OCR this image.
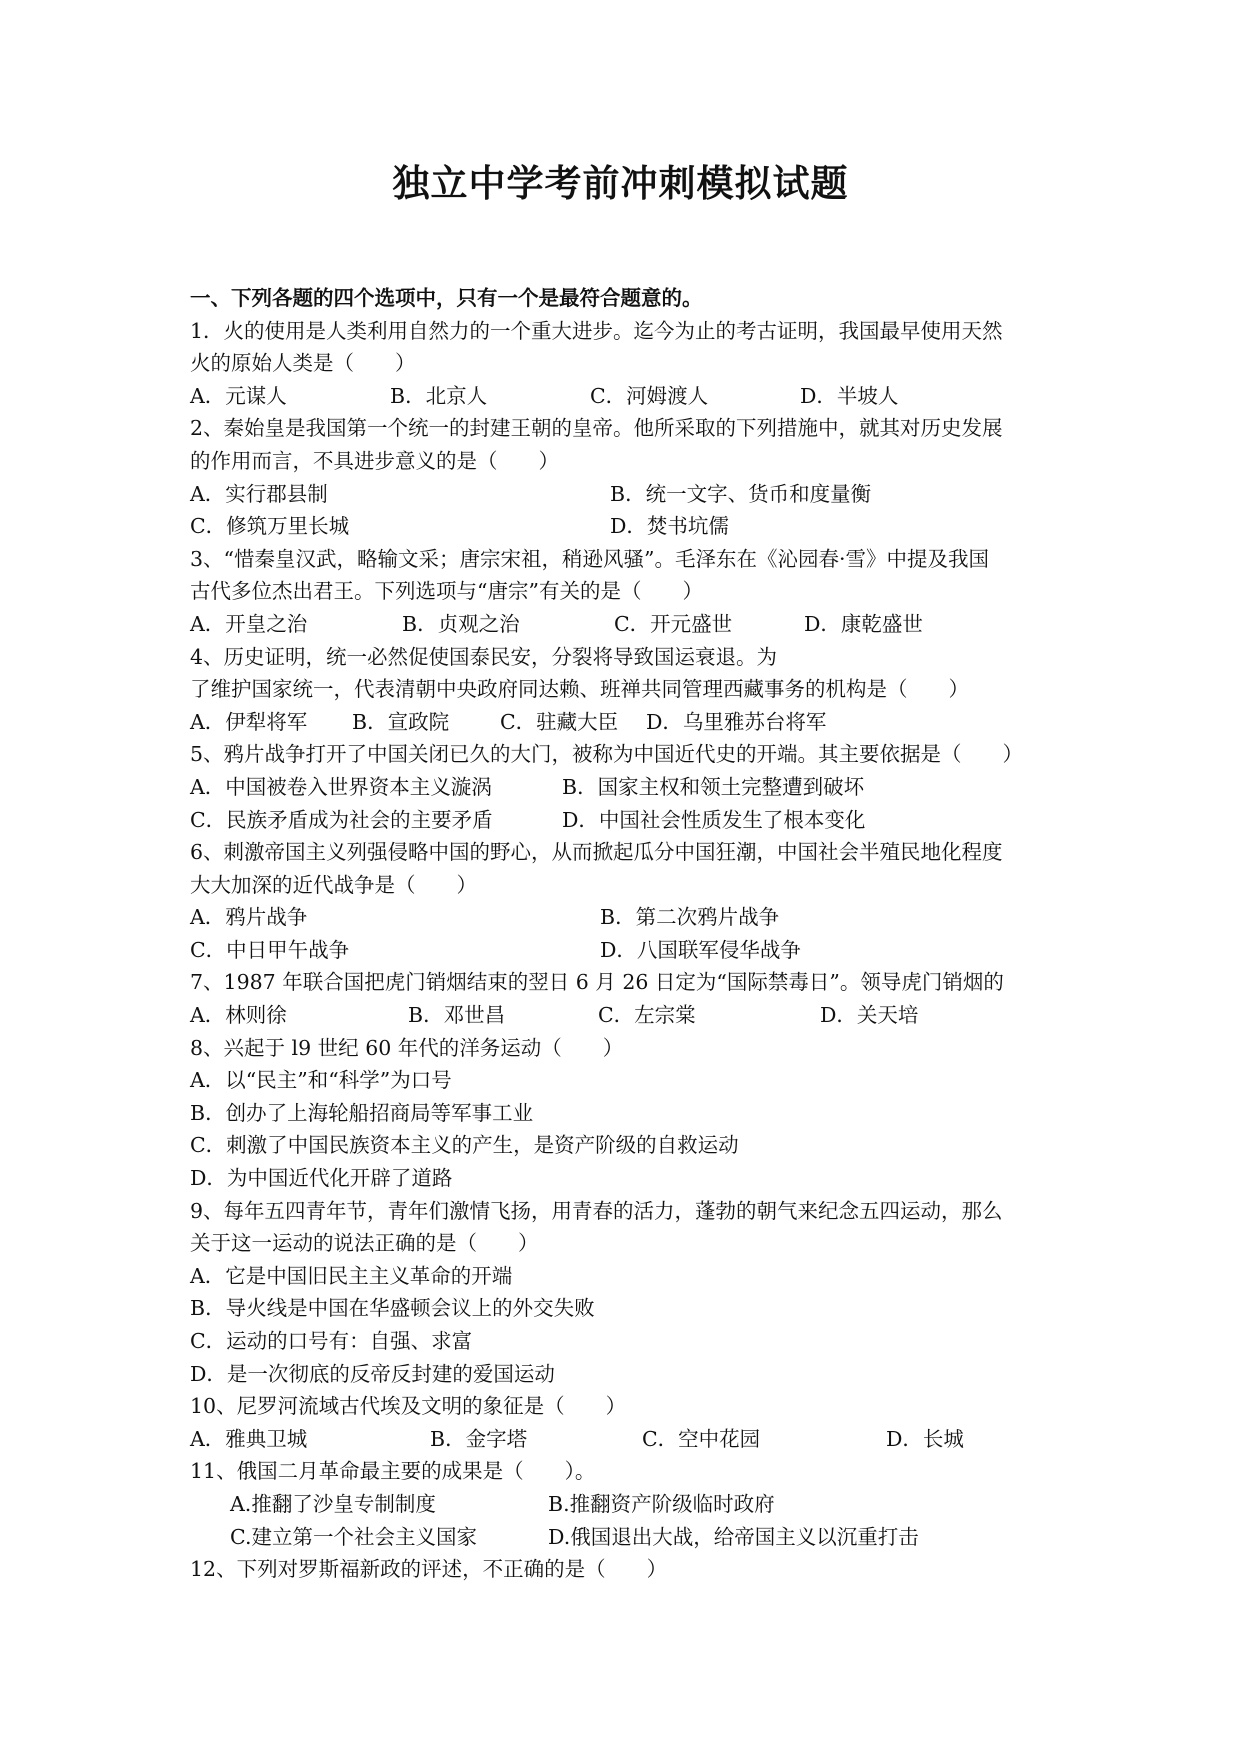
独立中学考前冲刺模拟试题
一、下列各题的四个选项中，只有一个是最符合题意的。
1．火的使用是人类利用自然力的一个重大进步。迄今为止的考古证明，我国最早使用天然
火的原始人类是（　　）
A．元谋人	B．北京人	C．河姆渡人	D．半坡人
2、秦始皇是我国第一个统一的封建王朝的皇帝。他所采取的下列措施中，就其对历史发展
的作用而言，不具进步意义的是（　　）
A．实行郡县制	B．统一文字、货币和度量衡
C．修筑万里长城	D．焚书坑儒
3、“惜秦皇汉武，略输文采；唐宗宋祖，稍逊风骚”。毛泽东在《沁园春·雪》中提及我国
古代多位杰出君王。下列选项与“唐宗”有关的是（　　）
A．开皇之治	B．贞观之治	C．开元盛世	D．康乾盛世
4、历史证明，统一必然促使国泰民安，分裂将导致国运衰退。为
了维护国家统一，代表清朝中央政府同达赖、班禅共同管理西藏事务的机构是（　　）
A．伊犁将军	B．宣政院	C．驻藏大臣	D．乌里雅苏台将军
5、鸦片战争打开了中国关闭已久的大门，被称为中国近代史的开端。其主要依据是（　　）
A．中国被卷入世界资本主义漩涡	B．国家主权和领土完整遭到破坏
C．民族矛盾成为社会的主要矛盾	D．中国社会性质发生了根本变化
6、刺激帝国主义列强侵略中国的野心，从而掀起瓜分中国狂潮，中国社会半殖民地化程度
大大加深的近代战争是（　　）
A．鸦片战争	B．第二次鸦片战争
C．中日甲午战争	D．八国联军侵华战争
7、1987 年联合国把虎门销烟结束的翌日 6 月 26 日定为“国际禁毒日”。领导虎门销烟的
A．林则徐	B．邓世昌	C．左宗棠	D．关天培
8、兴起于 l9 世纪 60 年代的洋务运动（　　）
A．以“民主”和“科学”为口号
B．创办了上海轮船招商局等军事工业
C．刺激了中国民族资本主义的产生，是资产阶级的自救运动
D．为中国近代化开辟了道路
9、每年五四青年节，青年们激情飞扬，用青春的活力，蓬勃的朝气来纪念五四运动，那么
关于这一运动的说法正确的是（　　）
A．它是中国旧民主主义革命的开端
B．导火线是中国在华盛顿会议上的外交失败
C．运动的口号有：自强、求富
D．是一次彻底的反帝反封建的爱国运动
10、尼罗河流域古代埃及文明的象征是（　　）
A．雅典卫城	B．金字塔	C．空中花园	D．长城
11、俄国二月革命最主要的成果是（　　）。
A.推翻了沙皇专制制度	B.推翻资产阶级临时政府
C.建立第一个社会主义国家	D.俄国退出大战，给帝国主义以沉重打击
12、下列对罗斯福新政的评述，不正确的是（　　）
